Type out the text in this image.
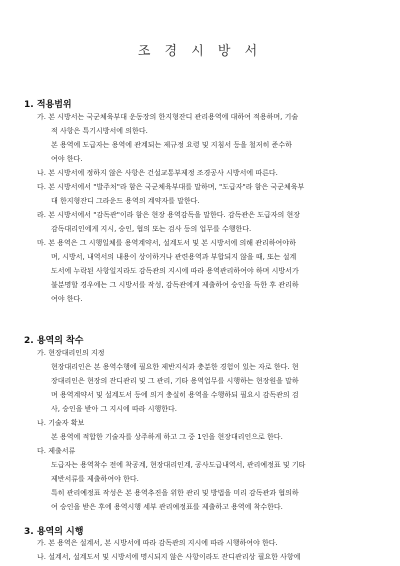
조 경 시 방 서
1. 적용범위
가. 본 시방서는 국군체육부대 운동장의 한지형잔디 관리용역에 대하여 적용하며, 기술
적 사항은 특기시방서에 의한다.
본 용역에 도급자는 용역에 관계되는 제규정 요령 및 지침서 등을 철저히 준수하
여야 한다.
나. 본 시방서에 정하지 않은 사항은 건설교통부제정 조경공사 시방서에 따른다.
다. 본 시방서에서 "발주처"라 함은 국군체육부대를 말하며, "도급자"라 함은 국군체육부
대 한지형잔디 그라운드 용역의 계약자를 말한다.
라. 본 시방서에서 "감독관"이라 함은 현장 용역감독을 말한다. 감독관은 도급자의 현장
감독대리인에게 지시, 승인, 협의 또는 검사 등의 업무를 수행한다.
마. 본 용역은 그 시행일체를 용역계약서, 설계도서 및 본 시방서에 의해 관리하여야하
며, 시방서, 내역서의 내용이 상이하거나 관련용역과 부합되지 않을 때, 또는 설계
도서에 누락된 사항일지라도 감독관의 지시에 따라 용역관리하여야 하며 시방서가
불분명할 경우에는 그 시방서를 작성, 감독관에게 제출하여 승인을 득한 후 관리하
여야 한다.
2. 용역의 착수
가. 현장대리인의 지정
현장대리인은 본 용역수행에 필요한 제반지식과 충분한 경험이 있는 자로 한다. 현
장대리인은 현장의 잔디관리 및 그 관리, 기타 용역업무를 시행하는 현장원을 말하
며 용역계약서 및 설계도서 등에 의거 충실히 용역을 수행하되 필요시 감독관의 검
사, 승인을 받아 그 지시에 따라 시행한다.
나. 기술자 확보
본 용역에 적합한 기술자를 상주하게 하고 그 중 1인을 현장대리인으로 한다.
다. 제출서류
도급자는 용역착수 전에 착공계, 현장대리인계, 공사도급내역서, 관리예정표 및 기타
제반서류를 제출하여야 한다.
특히 관리예정표 작성은 본 용역추진을 위한 관리 및 방법을 미리 감독관과 협의하
여 승인을 받은 후에 용역시행 세부 관리예정표를 제출하고 용역에 착수한다.
3. 용역의 시행
가. 본 용역은 설계서, 본 시방서에 따라 감독관의 지시에 따라 시행하여야 한다.
나. 설계서, 설계도서 및 시방서에 명시되지 않은 사항이라도 잔디관리상 필요한 사항에
